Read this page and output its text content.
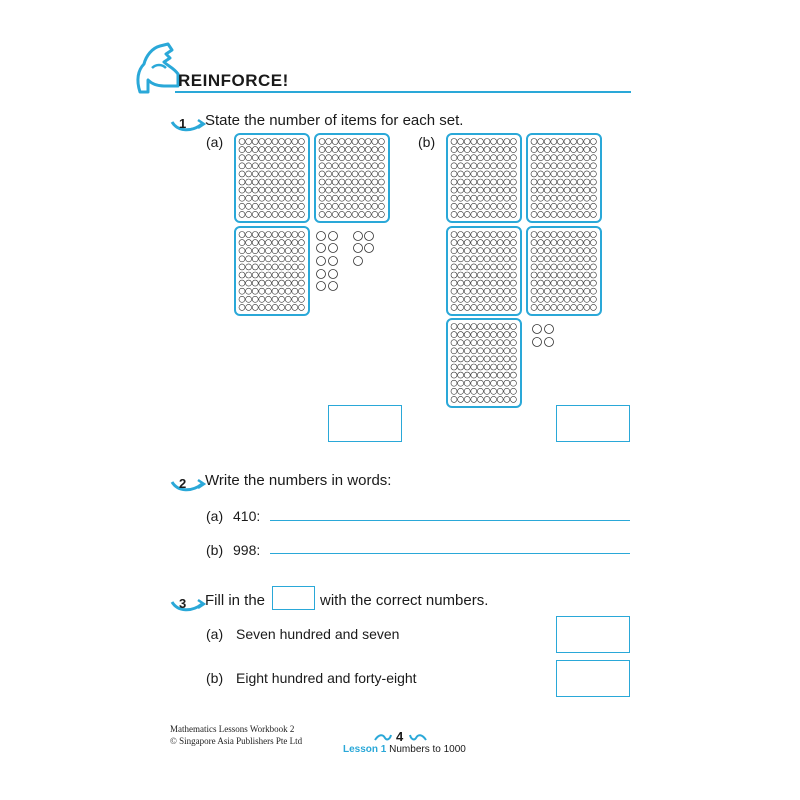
REINFORCE!
1 State the number of items for each set.
(a)	(b)
2 Write the numbers in words:
(a) 410:
(b) 998:
3 Fill in the	with the correct numbers.
(a) Seven hundred and seven
(b) Eight hundred and forty-eight
Mathematics Lessons Workbook 2
© Singapore Asia Publishers Pte Ltd	4
Lesson 1 Numbers to 1000
